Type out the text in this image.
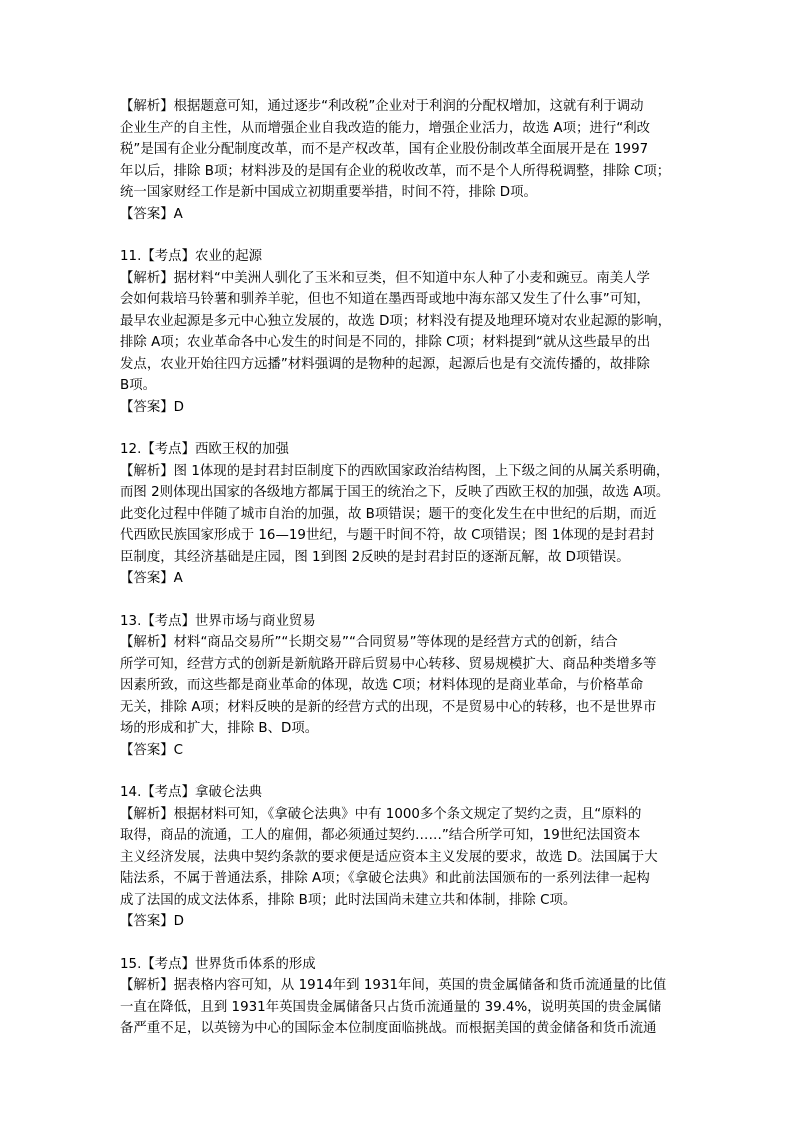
【解析】根据题意可知，通过逐步“利改税”企业对于利润的分配权增加，这就有利于调动
企业生产的自主性，从而增强企业自我改造的能力，增强企业活力，故选 A项；进行“利改
税”是国有企业分配制度改革，而不是产权改革，国有企业股份制改革全面展开是在 1997
年以后，排除 B项；材料涉及的是国有企业的税收改革，而不是个人所得税调整，排除 C项；
统一国家财经工作是新中国成立初期重要举措，时间不符，排除 D项。
【答案】A
11.【考点】农业的起源
【解析】据材料“中美洲人驯化了玉米和豆类，但不知道中东人种了小麦和豌豆。南美人学
会如何栽培马铃薯和驯养羊驼，但也不知道在墨西哥或地中海东部又发生了什么事”可知，
最早农业起源是多元中心独立发展的，故选 D项；材料没有提及地理环境对农业起源的影响，
排除 A项；农业革命各中心发生的时间是不同的，排除 C项；材料提到“就从这些最早的出
发点，农业开始往四方远播”材料强调的是物种的起源，起源后也是有交流传播的，故排除
B项。
【答案】D
12.【考点】西欧王权的加强
【解析】图 1体现的是封君封臣制度下的西欧国家政治结构图，上下级之间的从属关系明确，
而图 2则体现出国家的各级地方都属于国王的统治之下，反映了西欧王权的加强，故选 A项。
此变化过程中伴随了城市自治的加强，故 B项错误；题干的变化发生在中世纪的后期，而近
代西欧民族国家形成于 16—19世纪，与题干时间不符，故 C项错误；图 1体现的是封君封
臣制度，其经济基础是庄园，图 1到图 2反映的是封君封臣的逐渐瓦解，故 D项错误。
【答案】A
13.【考点】世界市场与商业贸易
【解析】材料“商品交易所”“长期交易”“合同贸易”等体现的是经营方式的创新，结合
所学可知，经营方式的创新是新航路开辟后贸易中心转移、贸易规模扩大、商品种类增多等
因素所致，而这些都是商业革命的体现，故选 C项；材料体现的是商业革命，与价格革命
无关，排除 A项；材料反映的是新的经营方式的出现，不是贸易中心的转移，也不是世界市
场的形成和扩大，排除 B、D项。
【答案】C
14.【考点】拿破仑法典
【解析】根据材料可知，《拿破仑法典》中有 1000多个条文规定了契约之责，且“原料的
取得，商品的流通，工人的雇佣，都必须通过契约……”结合所学可知，19世纪法国资本
主义经济发展，法典中契约条款的要求便是适应资本主义发展的要求，故选 D。法国属于大
陆法系，不属于普通法系，排除 A项；《拿破仑法典》和此前法国颁布的一系列法律一起构
成了法国的成文法体系，排除 B项；此时法国尚未建立共和体制，排除 C项。
【答案】D
15.【考点】世界货币体系的形成
【解析】据表格内容可知，从 1914年到 1931年间，英国的贵金属储备和货币流通量的比值
一直在降低，且到 1931年英国贵金属储备只占货币流通量的 39.4%，说明英国的贵金属储
备严重不足，以英镑为中心的国际金本位制度面临挑战。而根据美国的黄金储备和货币流通
